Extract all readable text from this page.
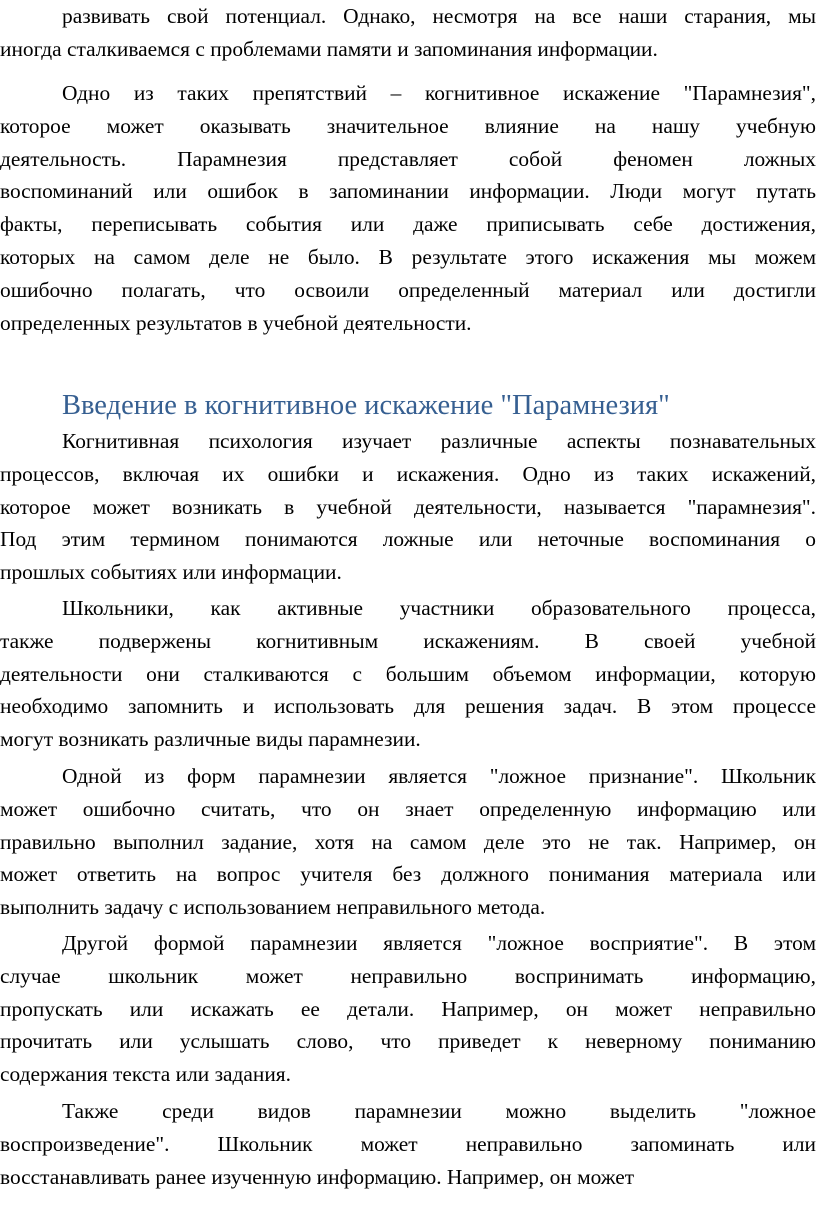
развивать свой потенциал. Однако, несмотря на все наши старания, мы
иногда сталкиваемся с проблемами памяти и запоминания информации.
Одно из таких препятствий – когнитивное искажение "Парамнезия",
которое может оказывать значительное влияние на нашу учебную
деятельность. Парамнезия представляет собой феномен ложных
воспоминаний или ошибок в запоминании информации. Люди могут путать
факты, переписывать события или даже приписывать себе достижения,
которых на самом деле не было. В результате этого искажения мы можем
ошибочно полагать, что освоили определенный материал или достигли
определенных результатов в учебной деятельности.
Введение в когнитивное искажение "Парамнезия"
Когнитивная психология изучает различные аспекты познавательных
процессов, включая их ошибки и искажения. Одно из таких искажений,
которое может возникать в учебной деятельности, называется "парамнезия".
Под этим термином понимаются ложные или неточные воспоминания о
прошлых событиях или информации.
Школьники, как активные участники образовательного процесса,
также подвержены когнитивным искажениям. В своей учебной
деятельности они сталкиваются с большим объемом информации, которую
необходимо запомнить и использовать для решения задач. В этом процессе
могут возникать различные виды парамнезии.
Одной из форм парамнезии является "ложное признание". Школьник
может ошибочно считать, что он знает определенную информацию или
правильно выполнил задание, хотя на самом деле это не так. Например, он
может ответить на вопрос учителя без должного понимания материала или
выполнить задачу с использованием неправильного метода.
Другой формой парамнезии является "ложное восприятие". В этом
случае школьник может неправильно воспринимать информацию,
пропускать или искажать ее детали. Например, он может неправильно
прочитать или услышать слово, что приведет к неверному пониманию
содержания текста или задания.
Также среди видов парамнезии можно выделить "ложное
воспроизведение". Школьник может неправильно запоминать или
восстанавливать ранее изученную информацию. Например, он может
